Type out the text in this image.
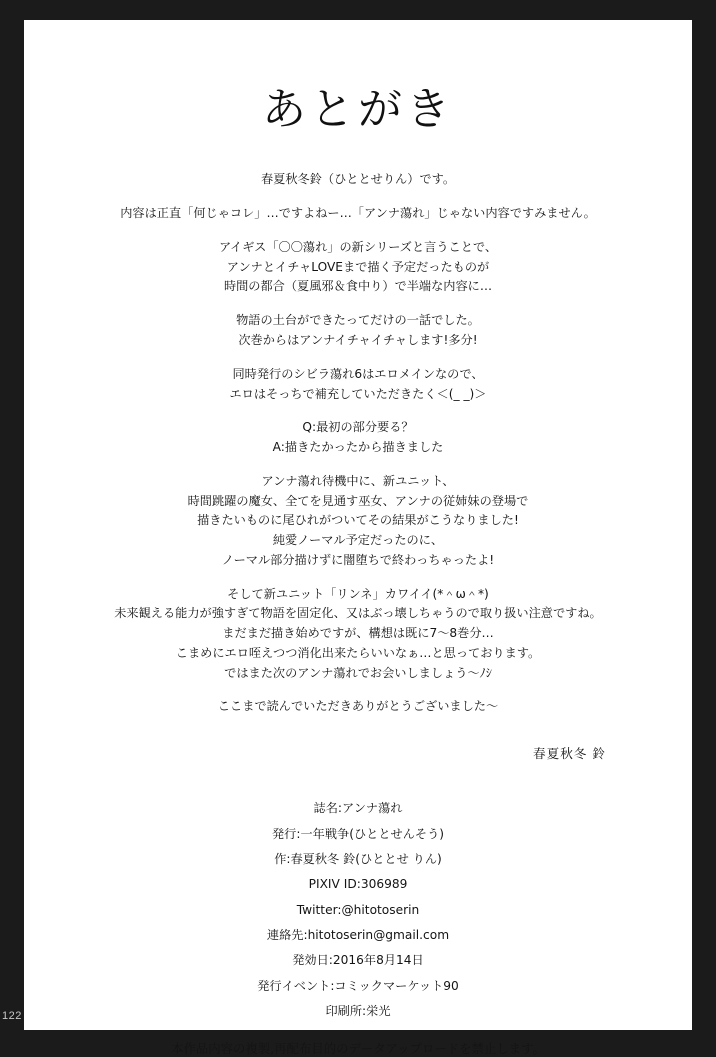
122
あとがき

春夏秋冬鈴（ひととせりん）です。

内容は正直「何じゃコレ」…ですよねー…「アンナ蕩れ」じゃない内容ですみません。

アイギス「〇〇蕩れ」の新シリーズと言うことで、
アンナとイチャLOVEまで描く予定だったものが
時間の都合（夏風邪＆食中り）で半端な内容に…

物語の土台ができたってだけの一話でした。
次巻からはアンナイチャイチャします!多分!

同時発行のシビラ蕩れ6はエロメインなので、
エロはそっちで補充していただきたく＜(_ _)＞

Q:最初の部分要る？
A:描きたかったから描きました

アンナ蕩れ待機中に、新ユニット、
時間跳躍の魔女、全てを見通す巫女、アンナの従姉妹の登場で
描きたいものに尾ひれがついてその結果がこうなりました!
純愛ノーマル予定だったのに、
ノーマル部分描けずに闇堕ちで終わっちゃったよ!

そして新ユニット「リンネ」カワイイ(*＾ω＾*)
未来観える能力が強すぎて物語を固定化、又はぶっ壊しちゃうので取り扱い注意ですね。
まだまだ描き始めですが、構想は既に7～8巻分…
こまめにエロ咥えつつ消化出来たらいいなぁ…と思っております。
ではまた次のアンナ蕩れでお会いしましょう～ﾉｼ

ここまで読んでいただきありがとうございました～

春夏秋冬 鈴
誌名:アンナ蕩れ
発行:一年戦争(ひととせんそう)
作:春夏秋冬 鈴(ひととせ りん)
PIXIV ID:306989
Twitter:@hitotoserin
連絡先:hitotoserin@gmail.com
発効日:2016年8月14日
発行イベント:コミックマーケット90
印刷所:栄光
本作品内容の複製,再配布目的のデータアップロードを禁止します。
